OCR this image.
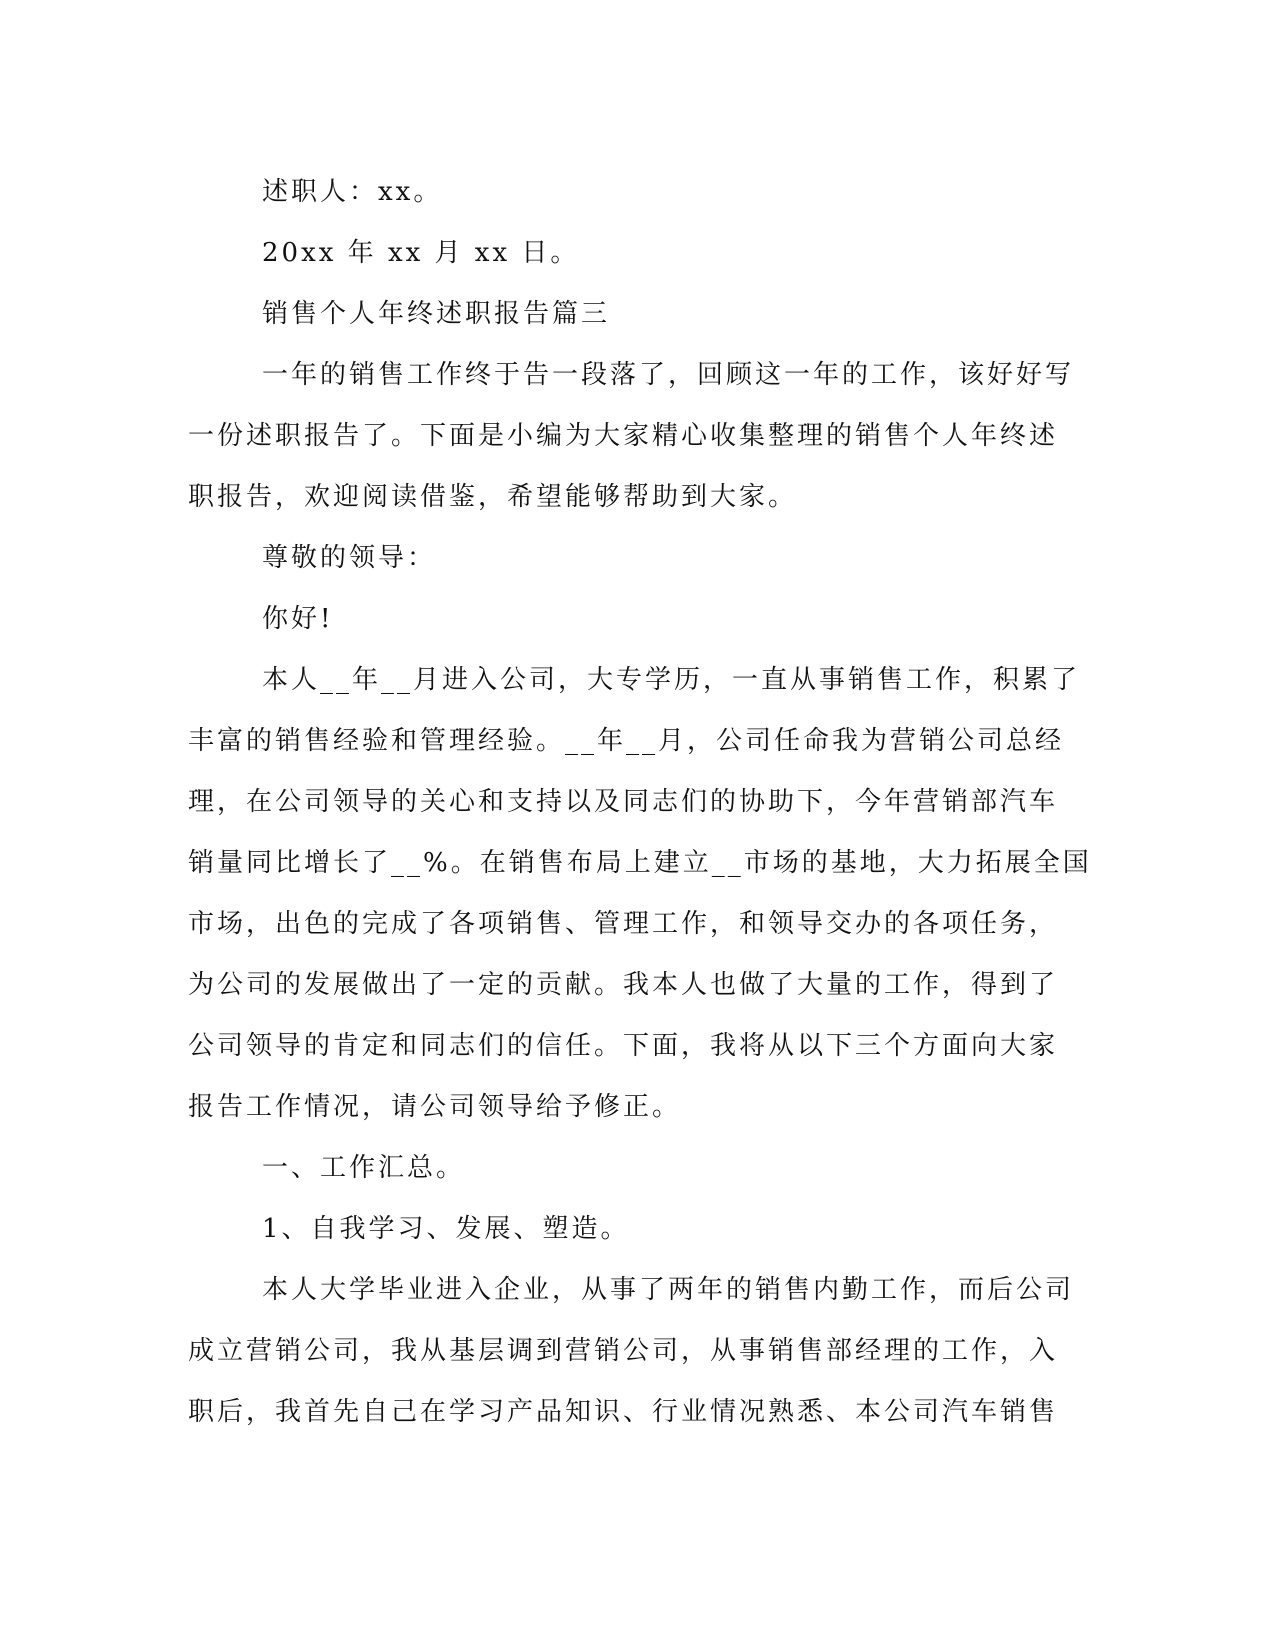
述职人：xx。
20xx 年 xx 月 xx 日。
销售个人年终述职报告篇三
一年的销售工作终于告一段落了，回顾这一年的工作，该好好写
一份述职报告了。下面是小编为大家精心收集整理的销售个人年终述
职报告，欢迎阅读借鉴，希望能够帮助到大家。
尊敬的领导：
你好!
本人__年__月进入公司，大专学历，一直从事销售工作，积累了
丰富的销售经验和管理经验。__年__月，公司任命我为营销公司总经
理，在公司领导的关心和支持以及同志们的协助下，今年营销部汽车
销量同比增长了__%。在销售布局上建立__市场的基地，大力拓展全国
市场，出色的完成了各项销售、管理工作，和领导交办的各项任务，
为公司的发展做出了一定的贡献。我本人也做了大量的工作，得到了
公司领导的肯定和同志们的信任。下面，我将从以下三个方面向大家
报告工作情况，请公司领导给予修正。
一、工作汇总。
1、自我学习、发展、塑造。
本人大学毕业进入企业，从事了两年的销售内勤工作，而后公司
成立营销公司，我从基层调到营销公司，从事销售部经理的工作，入
职后，我首先自己在学习产品知识、行业情况熟悉、本公司汽车销售
